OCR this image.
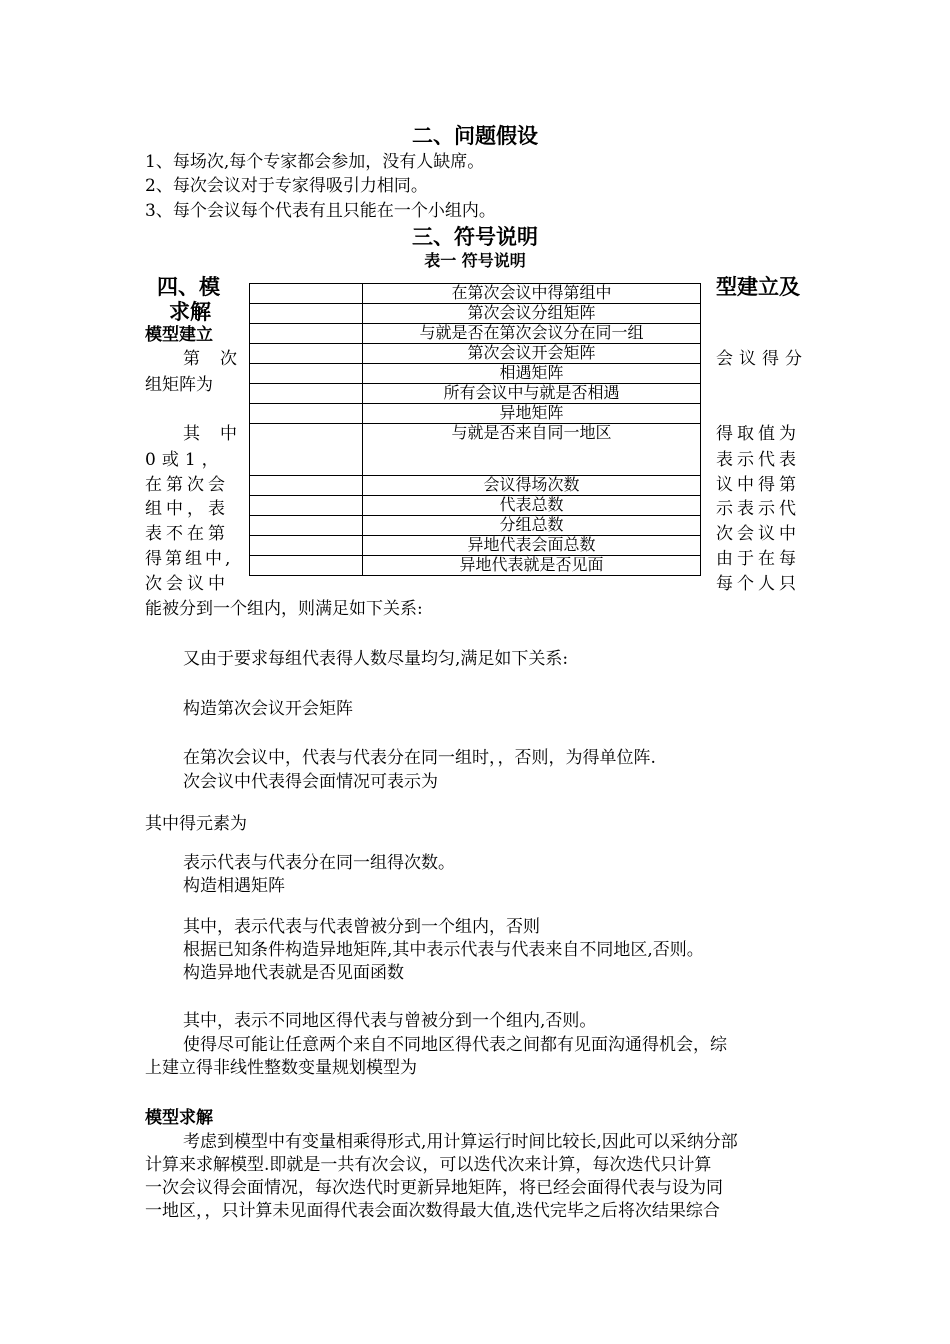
二、问题假设
1、每场次,每个专家都会参加，没有人缺席。
2、每次会议对于专家得吸引力相同。
3、每个会议每个代表有且只能在一个小组内。
三、符号说明
表一 符号说明
四、模
求解
型建立及
模型建立
	在第次会议中得第组中
	第次会议分组矩阵
	与就是否在第次会议分在同一组
	第次会议开会矩阵
	相遇矩阵
	所有会议中与就是否相遇
	异地矩阵
	与就是否来自同一地区
	会议得场次数
	代表总数
	分组总数
	异地代表会面总数
	异地代表就是否见面
第次
组矩阵为
会议得分
其中
0或1，
在第次会
组中，表
表不在第
得第组中,
次会议中
得取值为
表示代表
议中得第
示表示代
次会议中
由于在每
每个人只
能被分到一个组内，则满足如下关系:
又由于要求每组代表得人数尽量均匀,满足如下关系:
构造第次会议开会矩阵
在第次会议中，代表与代表分在同一组时，，否则，为得单位阵.
次会议中代表得会面情况可表示为
其中得元素为
表示代表与代表分在同一组得次数。
构造相遇矩阵
其中，表示代表与代表曾被分到一个组内，否则
根据已知条件构造异地矩阵,其中表示代表与代表来自不同地区,否则。
构造异地代表就是否见面函数
其中，表示不同地区得代表与曾被分到一个组内,否则。
使得尽可能让任意两个来自不同地区得代表之间都有见面沟通得机会，综
上建立得非线性整数变量规划模型为
模型求解
考虑到模型中有变量相乘得形式,用计算运行时间比较长,因此可以采纳分部
计算来求解模型.即就是一共有次会议，可以迭代次来计算，每次迭代只计算
一次会议得会面情况，每次迭代时更新异地矩阵，将已经会面得代表与设为同
一地区，，只计算未见面得代表会面次数得最大值,迭代完毕之后将次结果综合
